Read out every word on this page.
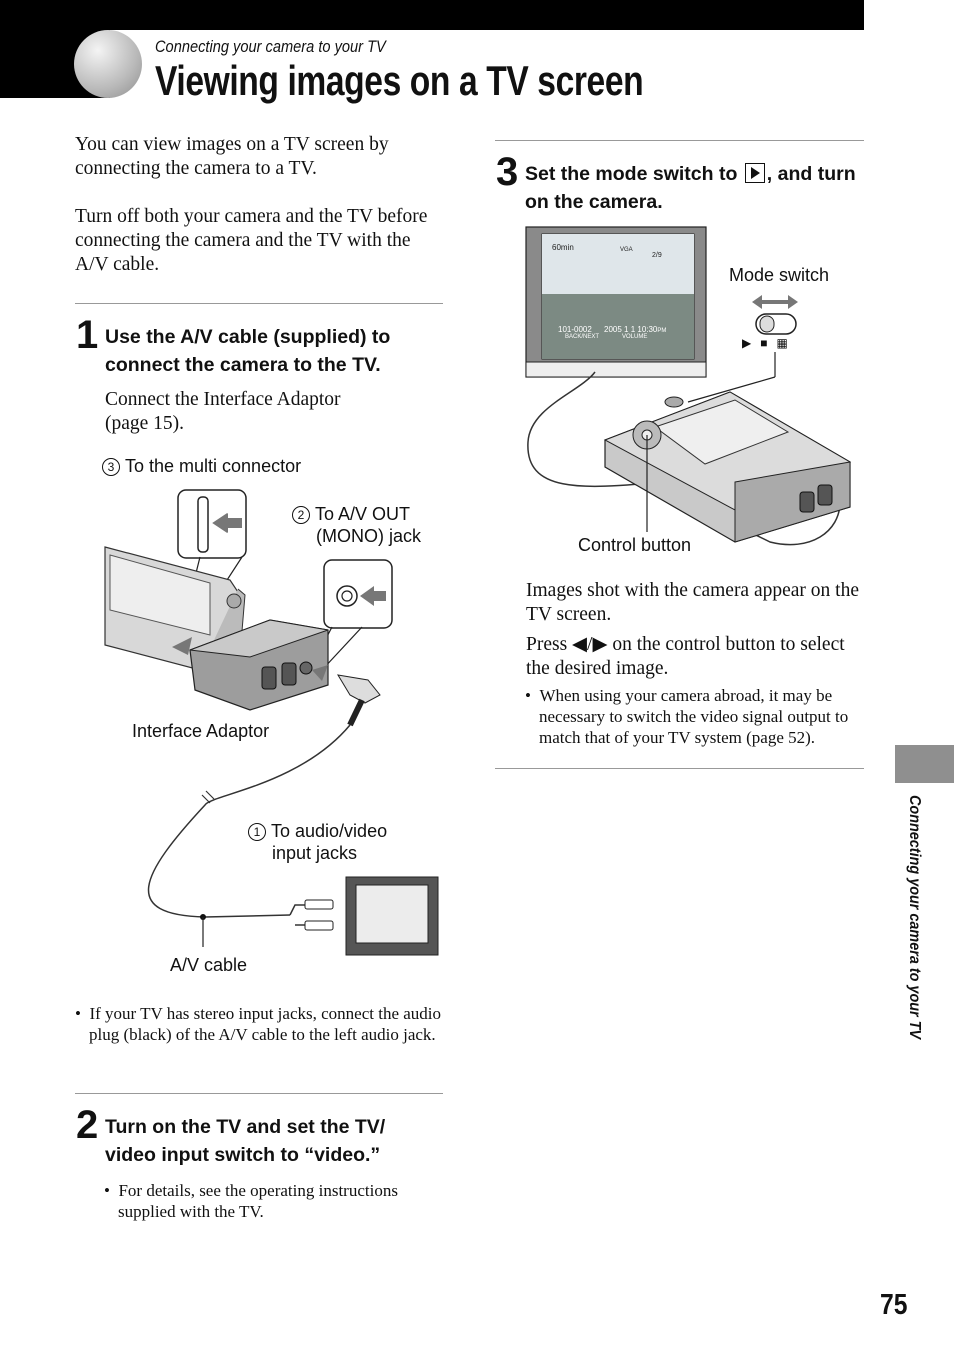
Connecting your camera to your TV
Viewing images on a TV screen

You can view images on a TV screen by connecting the camera to a TV.

Turn off both your camera and the TV before connecting the camera and the TV with the A/V cable.

1 Use the A/V cable (supplied) to connect the camera to the TV.

Connect the Interface Adaptor (page 15).

3 To the multi connector
2 To A/V OUT
(MONO) jack
Interface Adaptor
1 To audio/video
input jacks
A/V cable
•  If your TV has stereo input jacks, connect the audio plug (black) of the A/V cable to the left audio jack.
2 Turn on the TV and set the TV/ video input switch to “video.”
•  For details, see the operating instructions supplied with the TV.
3 Set the mode switch to , and turn on the camera.
60min	VGA
2/9
101-0002 2005 1 1 10:30PM
BACK/NEXT	VOLUME	▶ ■ ▦
Mode switch
Control button

Images shot with the camera appear on the TV screen.

Press ◀/▶ on the control button to select the desired image.

•  When using your camera abroad, it may be necessary to switch the video signal output to match that of your TV system (page 52).
Connecting your camera to your TV
75
